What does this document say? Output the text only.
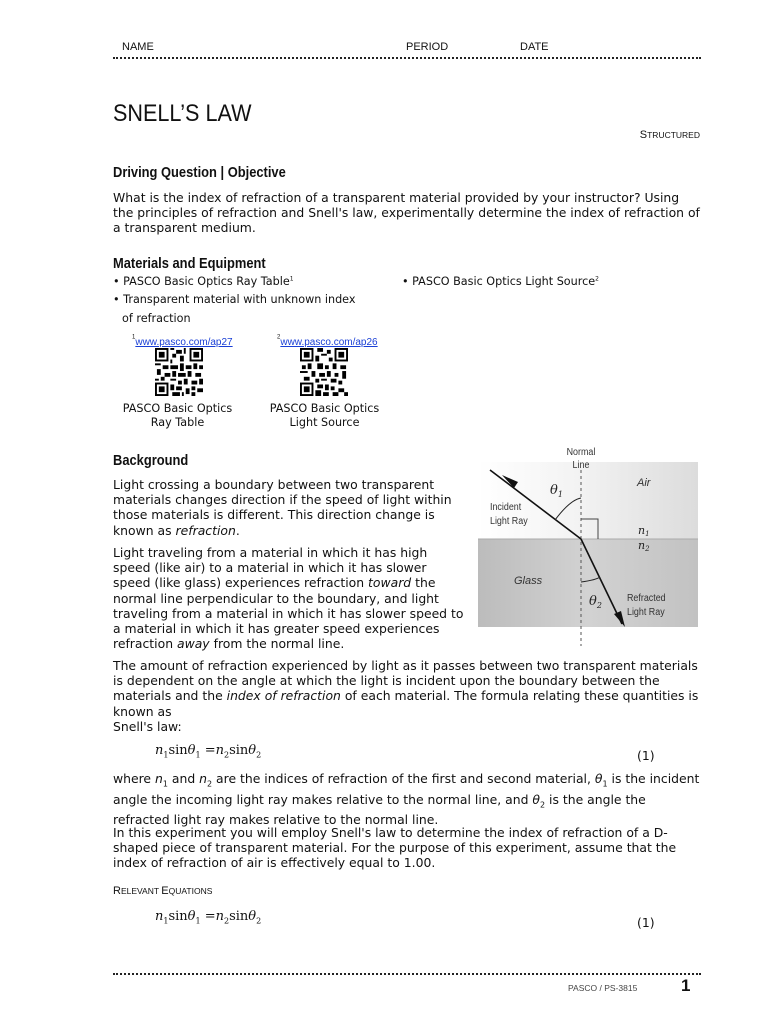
NAME	PERIOD	DATE
SNELL’S LAW
STRUCTURED
Driving Question | Objective
What is the index of refraction of a transparent material provided by your instructor? Using the principles of refraction and Snell's law, experimentally determine the index of refraction of a transparent medium.
Materials and Equipment
• PASCO Basic Optics Ray Table$^1$	• PASCO Basic Optics Light Source$^2$
• Transparent material with unknown index
of refraction
$^1$www.pasco.com/ap27
PASCO Basic Optics
Ray Table
$^2$www.pasco.com/ap26
PASCO Basic Optics
Light Source
Background
Light crossing a boundary between two transparent materials changes direction if the speed of light within those materials is different. This direction change is known as refraction.
Light traveling from a material in which it has high speed (like air) to a material in which it has slower speed (like glass) experiences refraction toward the normal line perpendicular to the boundary, and light traveling from a material in which it has slower speed to a material in which it has greater speed experiences refraction away from the normal line.
Normal
Line
Air
Incident
Light Ray
$\theta_1$
n1
n2
Glass
$\theta_2$
Refracted
Light Ray
The amount of refraction experienced by light as it passes between two transparent materials is dependent on the angle at which the light is incident upon the boundary between the materials and the index of refraction of each material. The formula relating these quantities is known as
Snell's law:
$n_1\sin\theta_1 =n_2\sin\theta_2$	(1)
where $n_1$ and $n_2$ are the indices of refraction of the first and second material, $\theta_1$ is the incident angle the incoming light ray makes relative to the normal line, and $\theta_2$ is the angle the refracted light ray makes relative to the normal line.
In this experiment you will employ Snell's law to determine the index of refraction of a D-shaped piece of transparent material. For the purpose of this experiment, assume that the index of refraction of air is effectively equal to 1.00.
RELEVANT EQUATIONS
$n_1\sin\theta_1 =n_2\sin\theta_2$	(1)
PASCO / PS-3815	1
